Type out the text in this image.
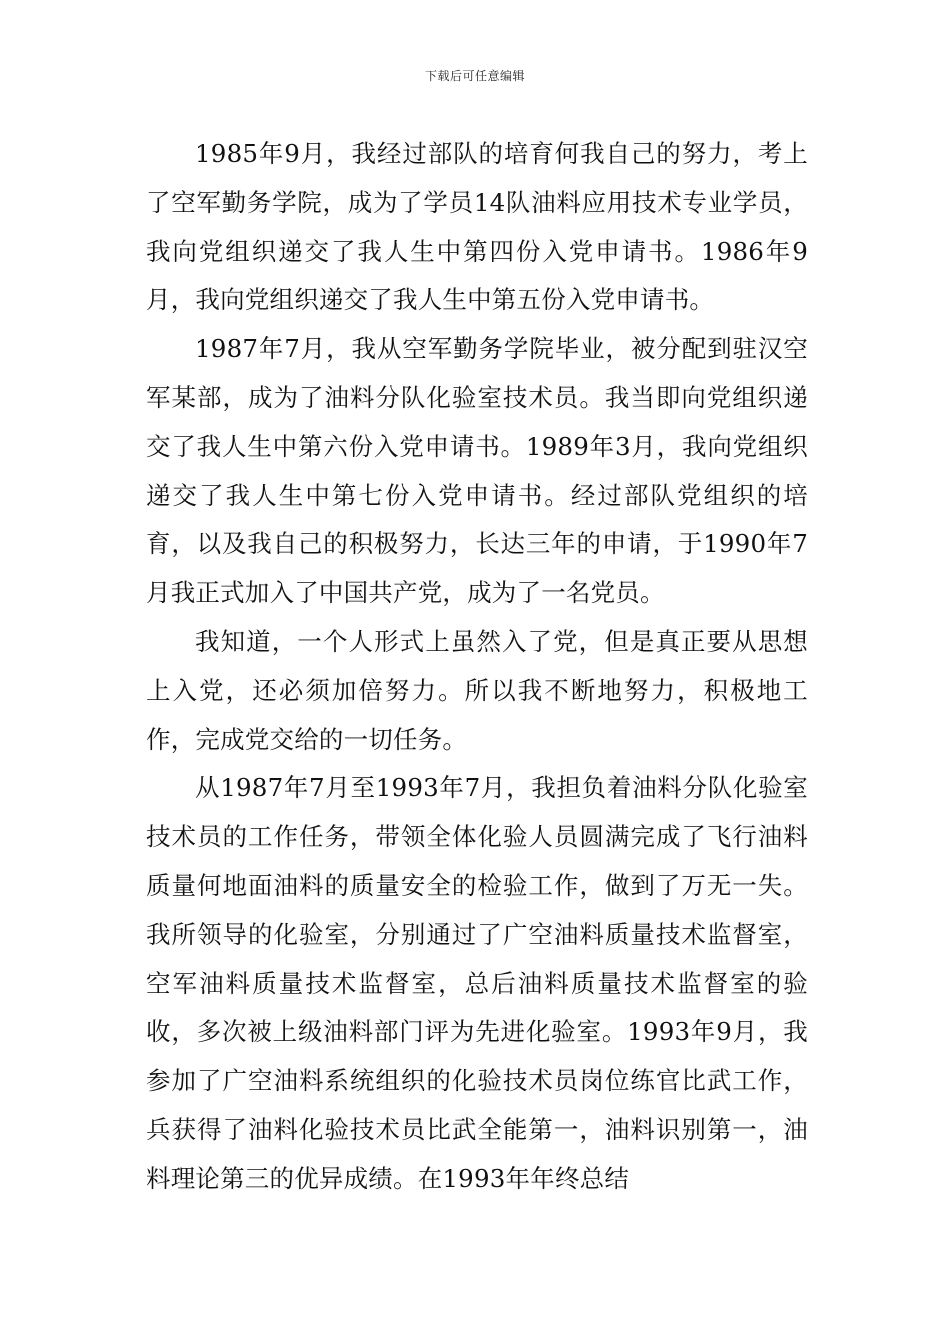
下载后可任意编辑

1985年9月，我经过部队的培育何我自己的努力，考上了空军勤务学院，成为了学员14队油料应用技术专业学员，我向党组织递交了我人生中第四份入党申请书。1986年9月，我向党组织递交了我人生中第五份入党申请书。

1987年7月，我从空军勤务学院毕业，被分配到驻汉空军某部，成为了油料分队化验室技术员。我当即向党组织递交了我人生中第六份入党申请书。1989年3月，我向党组织递交了我人生中第七份入党申请书。经过部队党组织的培育，以及我自己的积极努力，长达三年的申请，于1990年7月我正式加入了中国共产党，成为了一名党员。

我知道，一个人形式上虽然入了党，但是真正要从思想上入党，还必须加倍努力。所以我不断地努力，积极地工作，完成党交给的一切任务。

从1987年7月至1993年7月，我担负着油料分队化验室技术员的工作任务，带领全体化验人员圆满完成了飞行油料质量何地面油料的质量安全的检验工作，做到了万无一失。我所领导的化验室，分别通过了广空油料质量技术监督室，空军油料质量技术监督室，总后油料质量技术监督室的验收，多次被上级油料部门评为先进化验室。1993年9月，我参加了广空油料系统组织的化验技术员岗位练官比武工作，兵获得了油料化验技术员比武全能第一，油料识别第一，油料理论第三的优异成绩。在1993年年终总结
